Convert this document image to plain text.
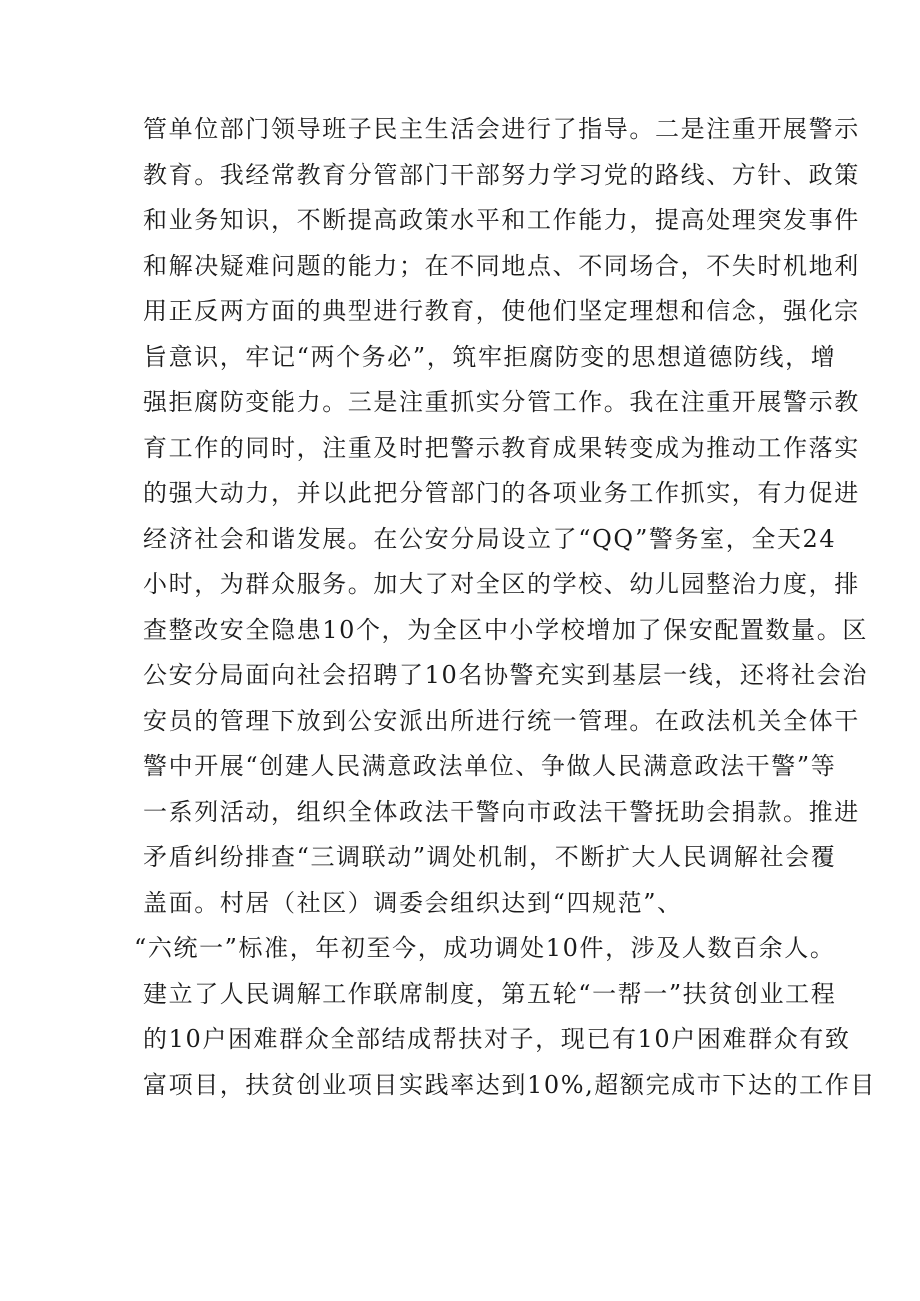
管单位部门领导班子民主生活会进行了指导。二是注重开展警示
教育。我经常教育分管部门干部努力学习党的路线、方针、政策
和业务知识，不断提高政策水平和工作能力，提高处理突发事件
和解决疑难问题的能力；在不同地点、不同场合，不失时机地利
用正反两方面的典型进行教育，使他们坚定理想和信念，强化宗
旨意识，牢记“两个务必”，筑牢拒腐防变的思想道德防线，增
强拒腐防变能力。三是注重抓实分管工作。我在注重开展警示教
育工作的同时，注重及时把警示教育成果转变成为推动工作落实
的强大动力，并以此把分管部门的各项业务工作抓实，有力促进
经济社会和谐发展。在公安分局设立了“QQ”警务室，全天24
小时，为群众服务。加大了对全区的学校、幼儿园整治力度，排
查整改安全隐患10个，为全区中小学校增加了保安配置数量。区
公安分局面向社会招聘了10名协警充实到基层一线，还将社会治
安员的管理下放到公安派出所进行统一管理。在政法机关全体干
警中开展“创建人民满意政法单位、争做人民满意政法干警”等
一系列活动，组织全体政法干警向市政法干警抚助会捐款。推进
矛盾纠纷排查“三调联动”调处机制，不断扩大人民调解社会覆
盖面。村居（社区）调委会组织达到“四规范”、
“六统一”标准，年初至今，成功调处10件，涉及人数百余人。
建立了人民调解工作联席制度，第五轮“一帮一”扶贫创业工程
的10户困难群众全部结成帮扶对子，现已有10户困难群众有致
富项目，扶贫创业项目实践率达到10%,超额完成市下达的工作目
